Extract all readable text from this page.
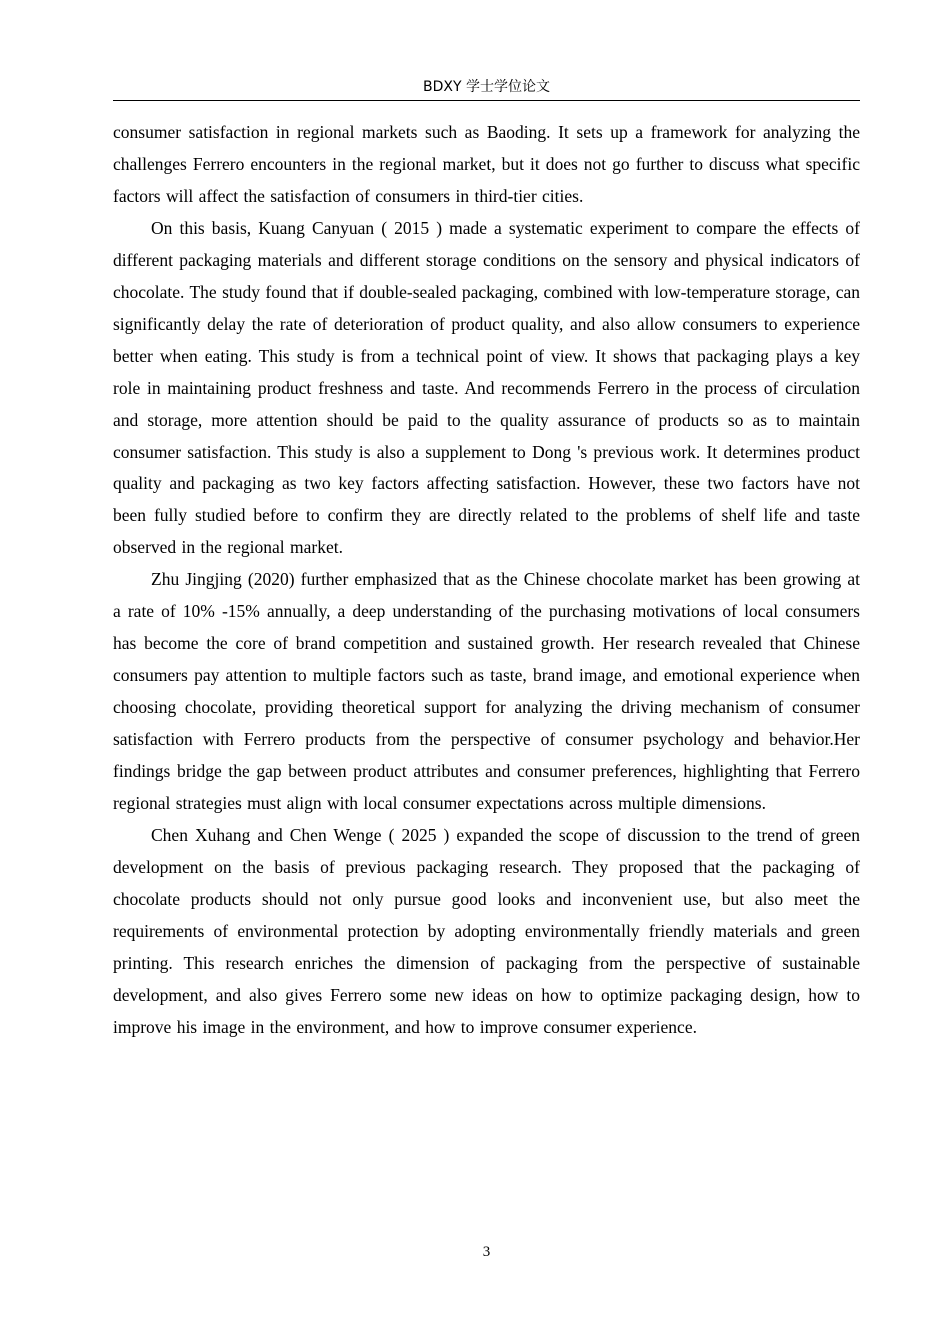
BDXY 学士学位论文

consumer satisfaction in regional markets such as Baoding. It sets up a framework for analyzing the challenges Ferrero encounters in the regional market, but it does not go further to discuss what specific factors will affect the satisfaction of consumers in third-tier cities.

On this basis, Kuang Canyuan ( 2015 ) made a systematic experiment to compare the effects of different packaging materials and different storage conditions on the sensory and physical indicators of chocolate. The study found that if double-sealed packaging, combined with low-temperature storage, can significantly delay the rate of deterioration of product quality, and also allow consumers to experience better when eating. This study is from a technical point of view. It shows that packaging plays a key role in maintaining product freshness and taste. And recommends Ferrero in the process of circulation and storage, more attention should be paid to the quality assurance of products so as to maintain consumer satisfaction. This study is also a supplement to Dong 's previous work. It determines product quality and packaging as two key factors affecting satisfaction. However, these two factors have not been fully studied before to confirm they are directly related to the problems of shelf life and taste observed in the regional market.

Zhu Jingjing (2020) further emphasized that as the Chinese chocolate market has been growing at a rate of 10% -15% annually, a deep understanding of the purchasing motivations of local consumers has become the core of brand competition and sustained growth. Her research revealed that Chinese consumers pay attention to multiple factors such as taste, brand image, and emotional experience when choosing chocolate, providing theoretical support for analyzing the driving mechanism of consumer satisfaction with Ferrero products from the perspective of consumer psychology and behavior.Her findings bridge the gap between product attributes and consumer preferences, highlighting that Ferrero regional strategies must align with local consumer expectations across multiple dimensions.

Chen Xuhang and Chen Wenge ( 2025 ) expanded the scope of discussion to the trend of green development on the basis of previous packaging research. They proposed that the packaging of chocolate products should not only pursue good looks and inconvenient use, but also meet the requirements of environmental protection by adopting environmentally friendly materials and green printing. This research enriches the dimension of packaging from the perspective of sustainable development, and also gives Ferrero some new ideas on how to optimize packaging design, how to improve his image in the environment, and how to improve consumer experience.

3
